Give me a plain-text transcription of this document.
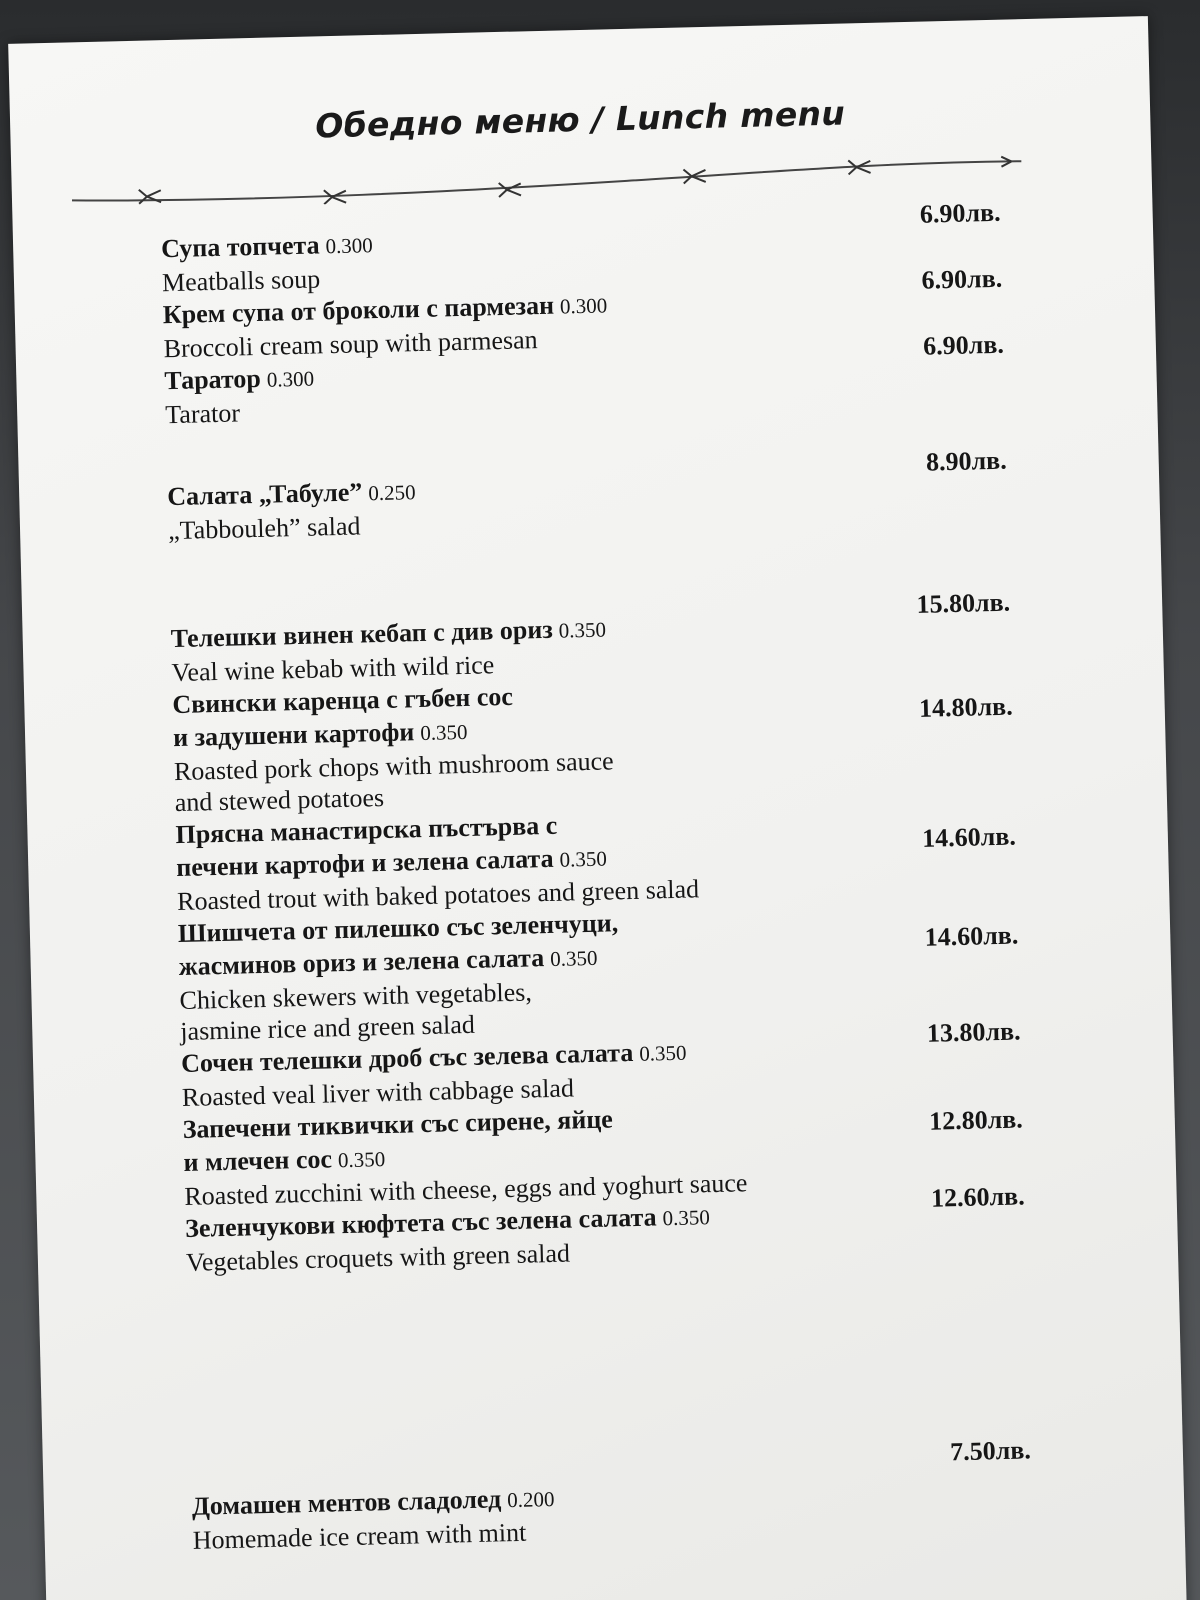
Обедно меню / Lunch menu
Супа топчета 0.300
Meatballs soup
6.90лв.
Крем супа от броколи с пармезан 0.300
Broccoli cream soup with parmesan
6.90лв.
Таратор 0.300
Tarator
6.90лв.
Салата „Табуле” 0.250
„Tabbouleh” salad
8.90лв.
Телешки винен кебап с див ориз 0.350
Veal wine kebab with wild rice
15.80лв.
Свински каренца с гъбен сос
и задушени картофи 0.350
Roasted pork chops with mushroom sauce
and stewed potatoes
14.80лв.
Прясна манастирска пъстърва с
печени картофи и зелена салата 0.350
Roasted trout with baked potatoes and green salad
14.60лв.
Шишчета от пилешко със зеленчуци,
жасминов ориз и зелена салата 0.350
Chicken skewers with vegetables,
jasmine rice and green salad
14.60лв.
Сочен телешки дроб със зелева салата 0.350
Roasted veal liver with cabbage salad
13.80лв.
Запечени тиквички със сирене, яйце
и млечен сос 0.350
Roasted zucchini with cheese, eggs and yoghurt sauce
12.80лв.
Зеленчукови кюфтета със зелена салата 0.350
Vegetables croquets with green salad
12.60лв.
Домашен ментов сладолед 0.200
Homemade ice cream with mint
7.50лв.
